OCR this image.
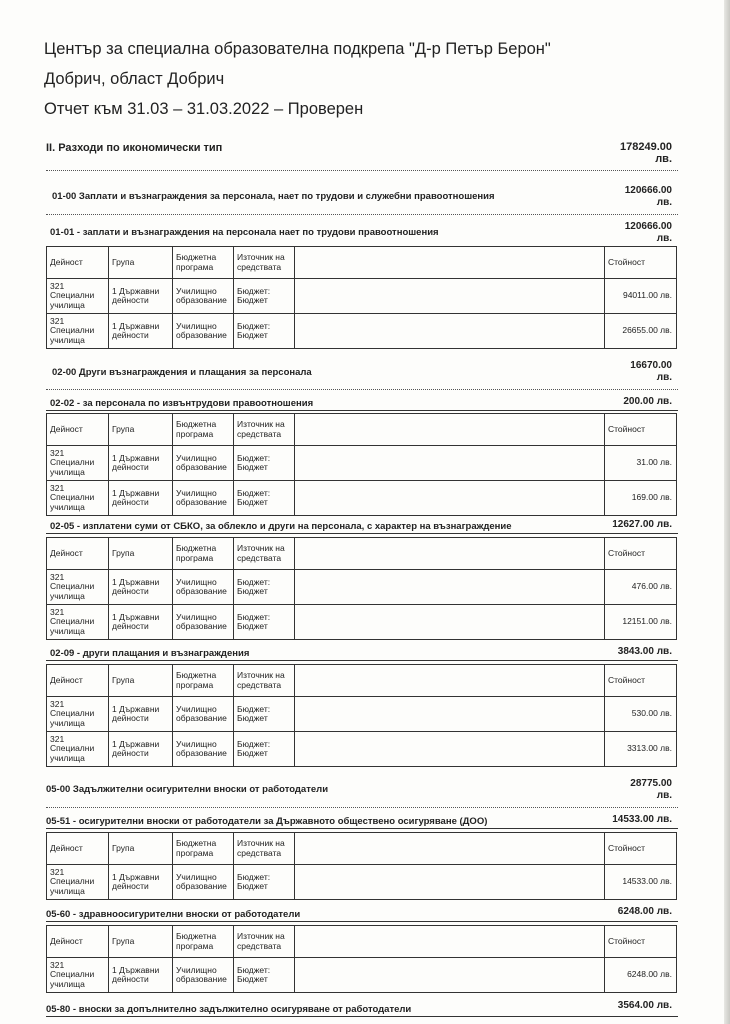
Център за специална образователна подкрепа "Д-р Петър Берон"
Добрич, област Добрич
Отчет към 31.03 – 31.03.2022 – Проверен
II. Разходи по икономически тип	178249.00
лв.
01-00 Заплати и възнаграждения за персонала, нает по трудови и служебни правоотношения
120666.00
лв.
01-01 - заплати и възнаграждения на персонала нает по трудови правоотношения
120666.00
лв.
Дейност	Група	Бюджетна програма	Източник на средствата		Стойност
321 Специални училища	1 Държавни дейности	Училищно образование	Бюджет: Бюджет		94011.00 лв.
321 Специални училища	1 Държавни дейности	Училищно образование	Бюджет: Бюджет		26655.00 лв.
02-00 Други възнаграждения и плащания за персонала
16670.00
лв.
02-02 - за персонала по извънтрудови правоотношения	200.00 лв.
Дейност	Група	Бюджетна програма	Източник на средствата		Стойност
321 Специални училища	1 Държавни дейности	Училищно образование	Бюджет: Бюджет		31.00 лв.
321 Специални училища	1 Държавни дейности	Училищно образование	Бюджет: Бюджет		169.00 лв.
02-05 - изплатени суми от СБКО, за облекло и други на персонала, с характер на възнаграждение	12627.00 лв.
Дейност	Група	Бюджетна програма	Източник на средствата		Стойност
321 Специални училища	1 Държавни дейности	Училищно образование	Бюджет: Бюджет		476.00 лв.
321 Специални училища	1 Държавни дейности	Училищно образование	Бюджет: Бюджет		12151.00 лв.
02-09 - други плащания и възнаграждения	3843.00 лв.
Дейност	Група	Бюджетна програма	Източник на средствата		Стойност
321 Специални училища	1 Държавни дейности	Училищно образование	Бюджет: Бюджет		530.00 лв.
321 Специални училища	1 Държавни дейности	Училищно образование	Бюджет: Бюджет		3313.00 лв.
05-00 Задължителни осигурителни вноски от работодатели
28775.00
лв.
05-51 - осигурителни вноски от работодатели за Държавното обществено осигуряване (ДОО)	14533.00 лв.
Дейност	Група	Бюджетна програма	Източник на средствата		Стойност
321 Специални училища	1 Държавни дейности	Училищно образование	Бюджет: Бюджет		14533.00 лв.
05-60 - здравноосигурителни вноски от работодатели	6248.00 лв.
Дейност	Група	Бюджетна програма	Източник на средствата		Стойност
321 Специални училища	1 Държавни дейности	Училищно образование	Бюджет: Бюджет		6248.00 лв.
05-80 - вноски за допълнително задължително осигуряване от работодатели	3564.00 лв.
